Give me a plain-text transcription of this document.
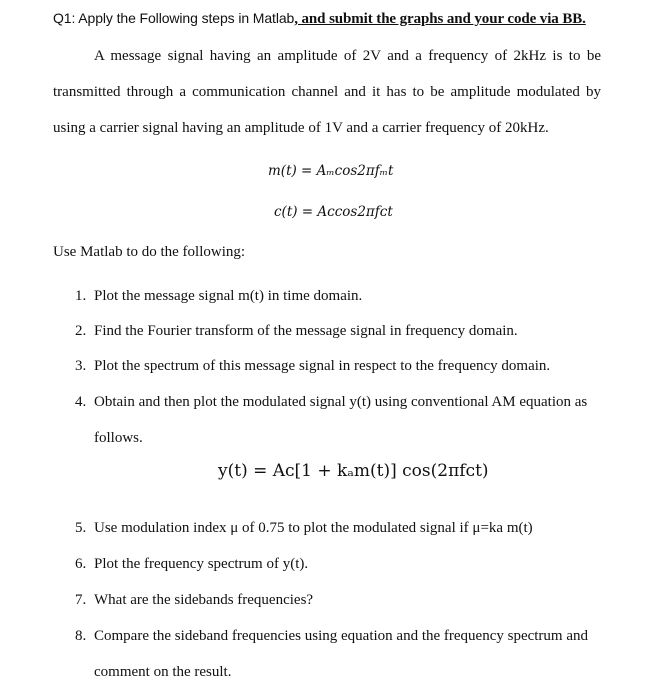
Q1: Apply the Following steps in Matlab, and submit the graphs and your code via BB.
A message signal having an amplitude of 2V and a frequency of 2kHz is to be
transmitted through a communication channel and it has to be amplitude modulated by
using a carrier signal having an amplitude of 1V and a carrier frequency of 20kHz.
m(t) = Aₘcos2πfₘt
c(t) = Aᴄcos2πfᴄt
Use Matlab to do the following:
1. Plot the message signal m(t) in time domain.
2. Find the Fourier transform of the message signal in frequency domain.
3. Plot the spectrum of this message signal in respect to the frequency domain.
4. Obtain and then plot the modulated signal y(t) using conventional AM equation as
follows.
y(t) = Aᴄ[1 + kₐm(t)] cos(2πfᴄt)
5. Use modulation index μ of 0.75 to plot the modulated signal if μ=ka m(t)
6. Plot the frequency spectrum of y(t).
7. What are the sidebands frequencies?
8. Compare the sideband frequencies using equation and the frequency spectrum and
comment on the result.
